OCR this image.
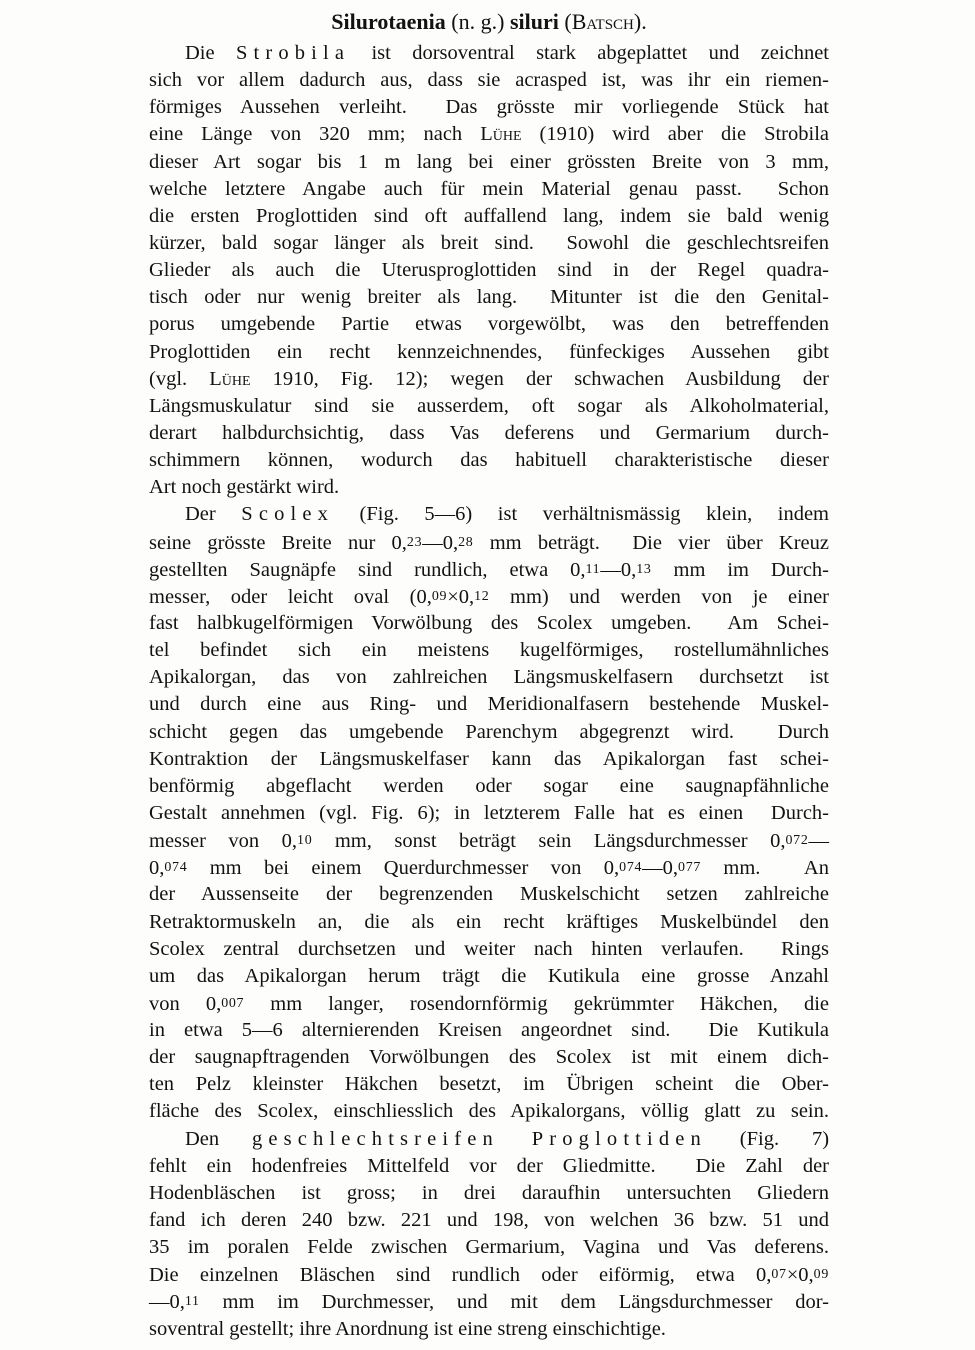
Silurotaenia (n. g.) siluri (Batsch).
Die Strobila ist dorsoventral stark abgeplattet und zeichnet
sich vor allem dadurch aus, dass sie acrasped ist, was ihr ein riemen-
förmiges Aussehen verleiht.  Das grösste mir vorliegende Stück hat
eine Länge von 320 mm; nach Lühe (1910) wird aber die Strobila
dieser Art sogar bis 1 m lang bei einer grössten Breite von 3 mm,
welche letztere Angabe auch für mein Material genau passt.  Schon
die ersten Proglottiden sind oft auffallend lang, indem sie bald wenig
kürzer, bald sogar länger als breit sind.  Sowohl die geschlechtsreifen
Glieder als auch die Uterusproglottiden sind in der Regel quadra-
tisch oder nur wenig breiter als lang.  Mitunter ist die den Genital-
porus umgebende Partie etwas vorgewölbt, was den betreffenden
Proglottiden ein recht kennzeichnendes, fünfeckiges Aussehen gibt
(vgl. Lühe 1910, Fig. 12); wegen der schwachen Ausbildung der
Längsmuskulatur sind sie ausserdem, oft sogar als Alkoholmaterial,
derart halbdurchsichtig, dass Vas deferens und Germarium durch-
schimmern können, wodurch das habituell charakteristische dieser
Art noch gestärkt wird.
Der Scolex (Fig. 5—6) ist verhältnismässig klein, indem
seine grösste Breite nur 0,23—0,28 mm beträgt.  Die vier über Kreuz
gestellten Saugnäpfe sind rundlich, etwa 0,11—0,13 mm im Durch-
messer, oder leicht oval (0,09×0,12 mm) und werden von je einer
fast halbkugelförmigen Vorwölbung des Scolex umgeben.  Am Schei-
tel befindet sich ein meistens kugelförmiges, rostellumähnliches
Apikalorgan, das von zahlreichen Längsmuskelfasern durchsetzt ist
und durch eine aus Ring- und Meridionalfasern bestehende Muskel-
schicht gegen das umgebende Parenchym abgegrenzt wird.  Durch
Kontraktion der Längsmuskelfaser kann das Apikalorgan fast schei-
benförmig abgeflacht werden oder sogar eine saugnapfähnliche
Gestalt annehmen (vgl. Fig. 6); in letzterem Falle hat es einen  Durch-
messer von 0,10 mm, sonst beträgt sein Längsdurchmesser 0,072—
0,074 mm bei einem Querdurchmesser von 0,074—0,077 mm.  An
der Aussenseite der begrenzenden Muskelschicht setzen zahlreiche
Retraktormuskeln an, die als ein recht kräftiges Muskelbündel den
Scolex zentral durchsetzen und weiter nach hinten verlaufen.  Rings
um das Apikalorgan herum trägt die Kutikula eine grosse Anzahl
von 0,007 mm langer, rosendornförmig gekrümmter Häkchen, die
in etwa 5—6 alternierenden Kreisen angeordnet sind.  Die Kutikula
der saugnapftragenden Vorwölbungen des Scolex ist mit einem dich-
ten Pelz kleinster Häkchen besetzt, im Übrigen scheint die Ober-
fläche des Scolex, einschliesslich des Apikalorgans, völlig glatt zu sein.
Den geschlechtsreifen Proglottiden (Fig. 7)
fehlt ein hodenfreies Mittelfeld vor der Gliedmitte.  Die Zahl der
Hodenbläschen ist gross; in drei daraufhin untersuchten Gliedern
fand ich deren 240 bzw. 221 und 198, von welchen 36 bzw. 51 und
35 im poralen Felde zwischen Germarium, Vagina und Vas deferens.
Die einzelnen Bläschen sind rundlich oder eiförmig, etwa 0,07×0,09
—0,11 mm im Durchmesser, und mit dem Längsdurchmesser dor-
soventral gestellt; ihre Anordnung ist eine streng einschichtige.
